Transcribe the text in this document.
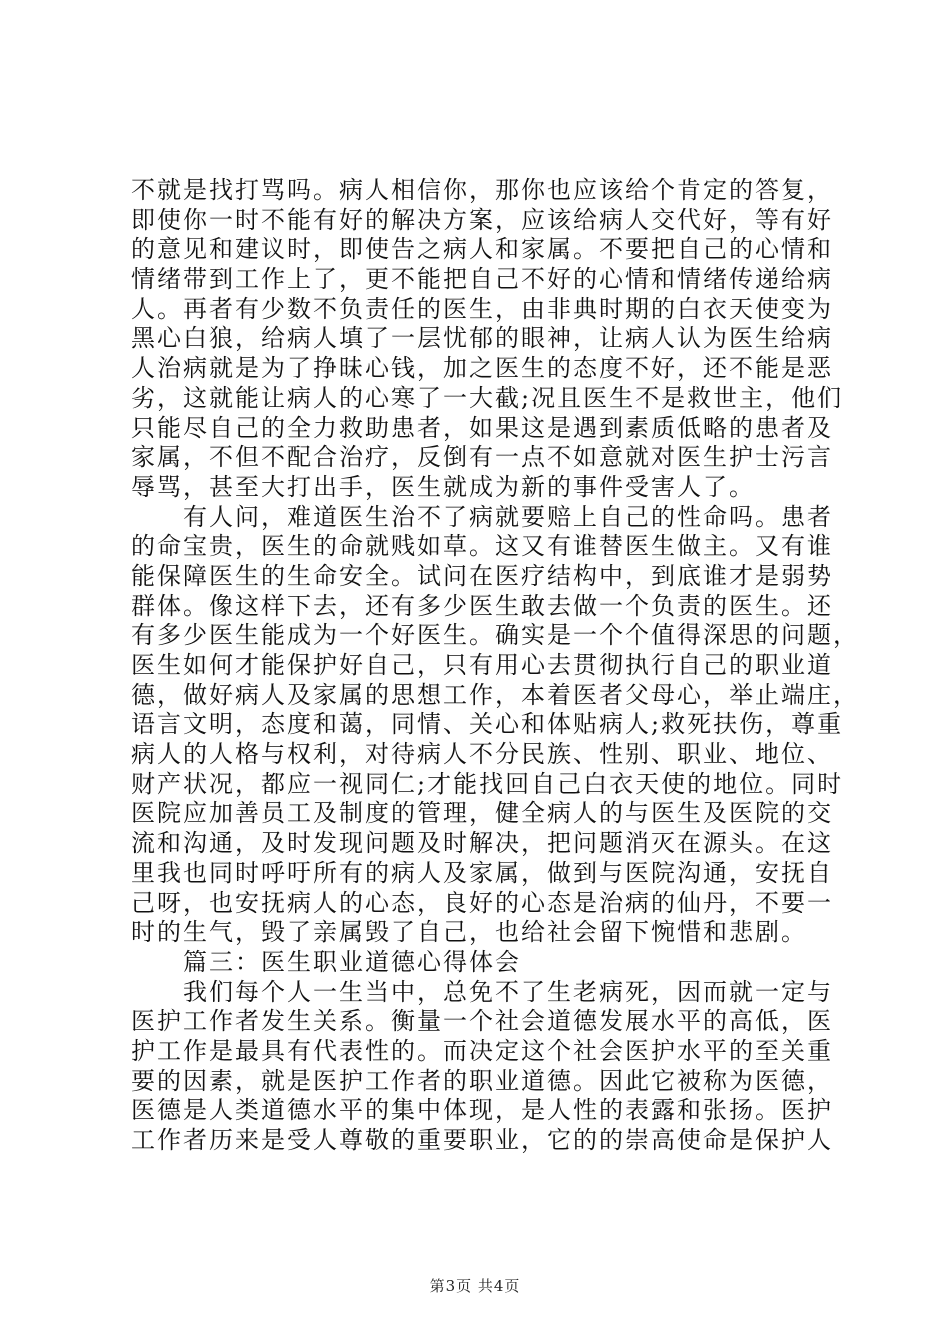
不就是找打骂吗。病人相信你，那你也应该给个肯定的答复，
即使你一时不能有好的解决方案，应该给病人交代好，等有好
的意见和建议时，即使告之病人和家属。不要把自己的心情和
情绪带到工作上了，更不能把自己不好的心情和情绪传递给病
人。再者有少数不负责任的医生，由非典时期的白衣天使变为
黑心白狼，给病人填了一层忧郁的眼神，让病人认为医生给病
人治病就是为了挣昧心钱，加之医生的态度不好，还不能是恶
劣，这就能让病人的心寒了一大截;况且医生不是救世主，他们
只能尽自己的全力救助患者，如果这是遇到素质低略的患者及
家属，不但不配合治疗，反倒有一点不如意就对医生护士污言
辱骂，甚至大打出手，医生就成为新的事件受害人了。
有人问，难道医生治不了病就要赔上自己的性命吗。患者
的命宝贵，医生的命就贱如草。这又有谁替医生做主。又有谁
能保障医生的生命安全。试问在医疗结构中，到底谁才是弱势
群体。像这样下去，还有多少医生敢去做一个负责的医生。还
有多少医生能成为一个好医生。确实是一个个值得深思的问题，
医生如何才能保护好自己，只有用心去贯彻执行自己的职业道
德，做好病人及家属的思想工作，本着医者父母心，举止端庄，
语言文明，态度和蔼，同情、关心和体贴病人;救死扶伤，尊重
病人的人格与权利，对待病人不分民族、性别、职业、地位、
财产状况，都应一视同仁;才能找回自己白衣天使的地位。同时
医院应加善员工及制度的管理，健全病人的与医生及医院的交
流和沟通，及时发现问题及时解决，把问题消灭在源头。在这
里我也同时呼吁所有的病人及家属，做到与医院沟通，安抚自
己呀，也安抚病人的心态，良好的心态是治病的仙丹，不要一
时的生气，毁了亲属毁了自己，也给社会留下惋惜和悲剧。
篇三：医生职业道德心得体会
我们每个人一生当中，总免不了生老病死，因而就一定与
医护工作者发生关系。衡量一个社会道德发展水平的高低，医
护工作是最具有代表性的。而决定这个社会医护水平的至关重
要的因素，就是医护工作者的职业道德。因此它被称为医德，
医德是人类道德水平的集中体现，是人性的表露和张扬。医护
工作者历来是受人尊敬的重要职业，它的的崇高使命是保护人
第3页 共4页
